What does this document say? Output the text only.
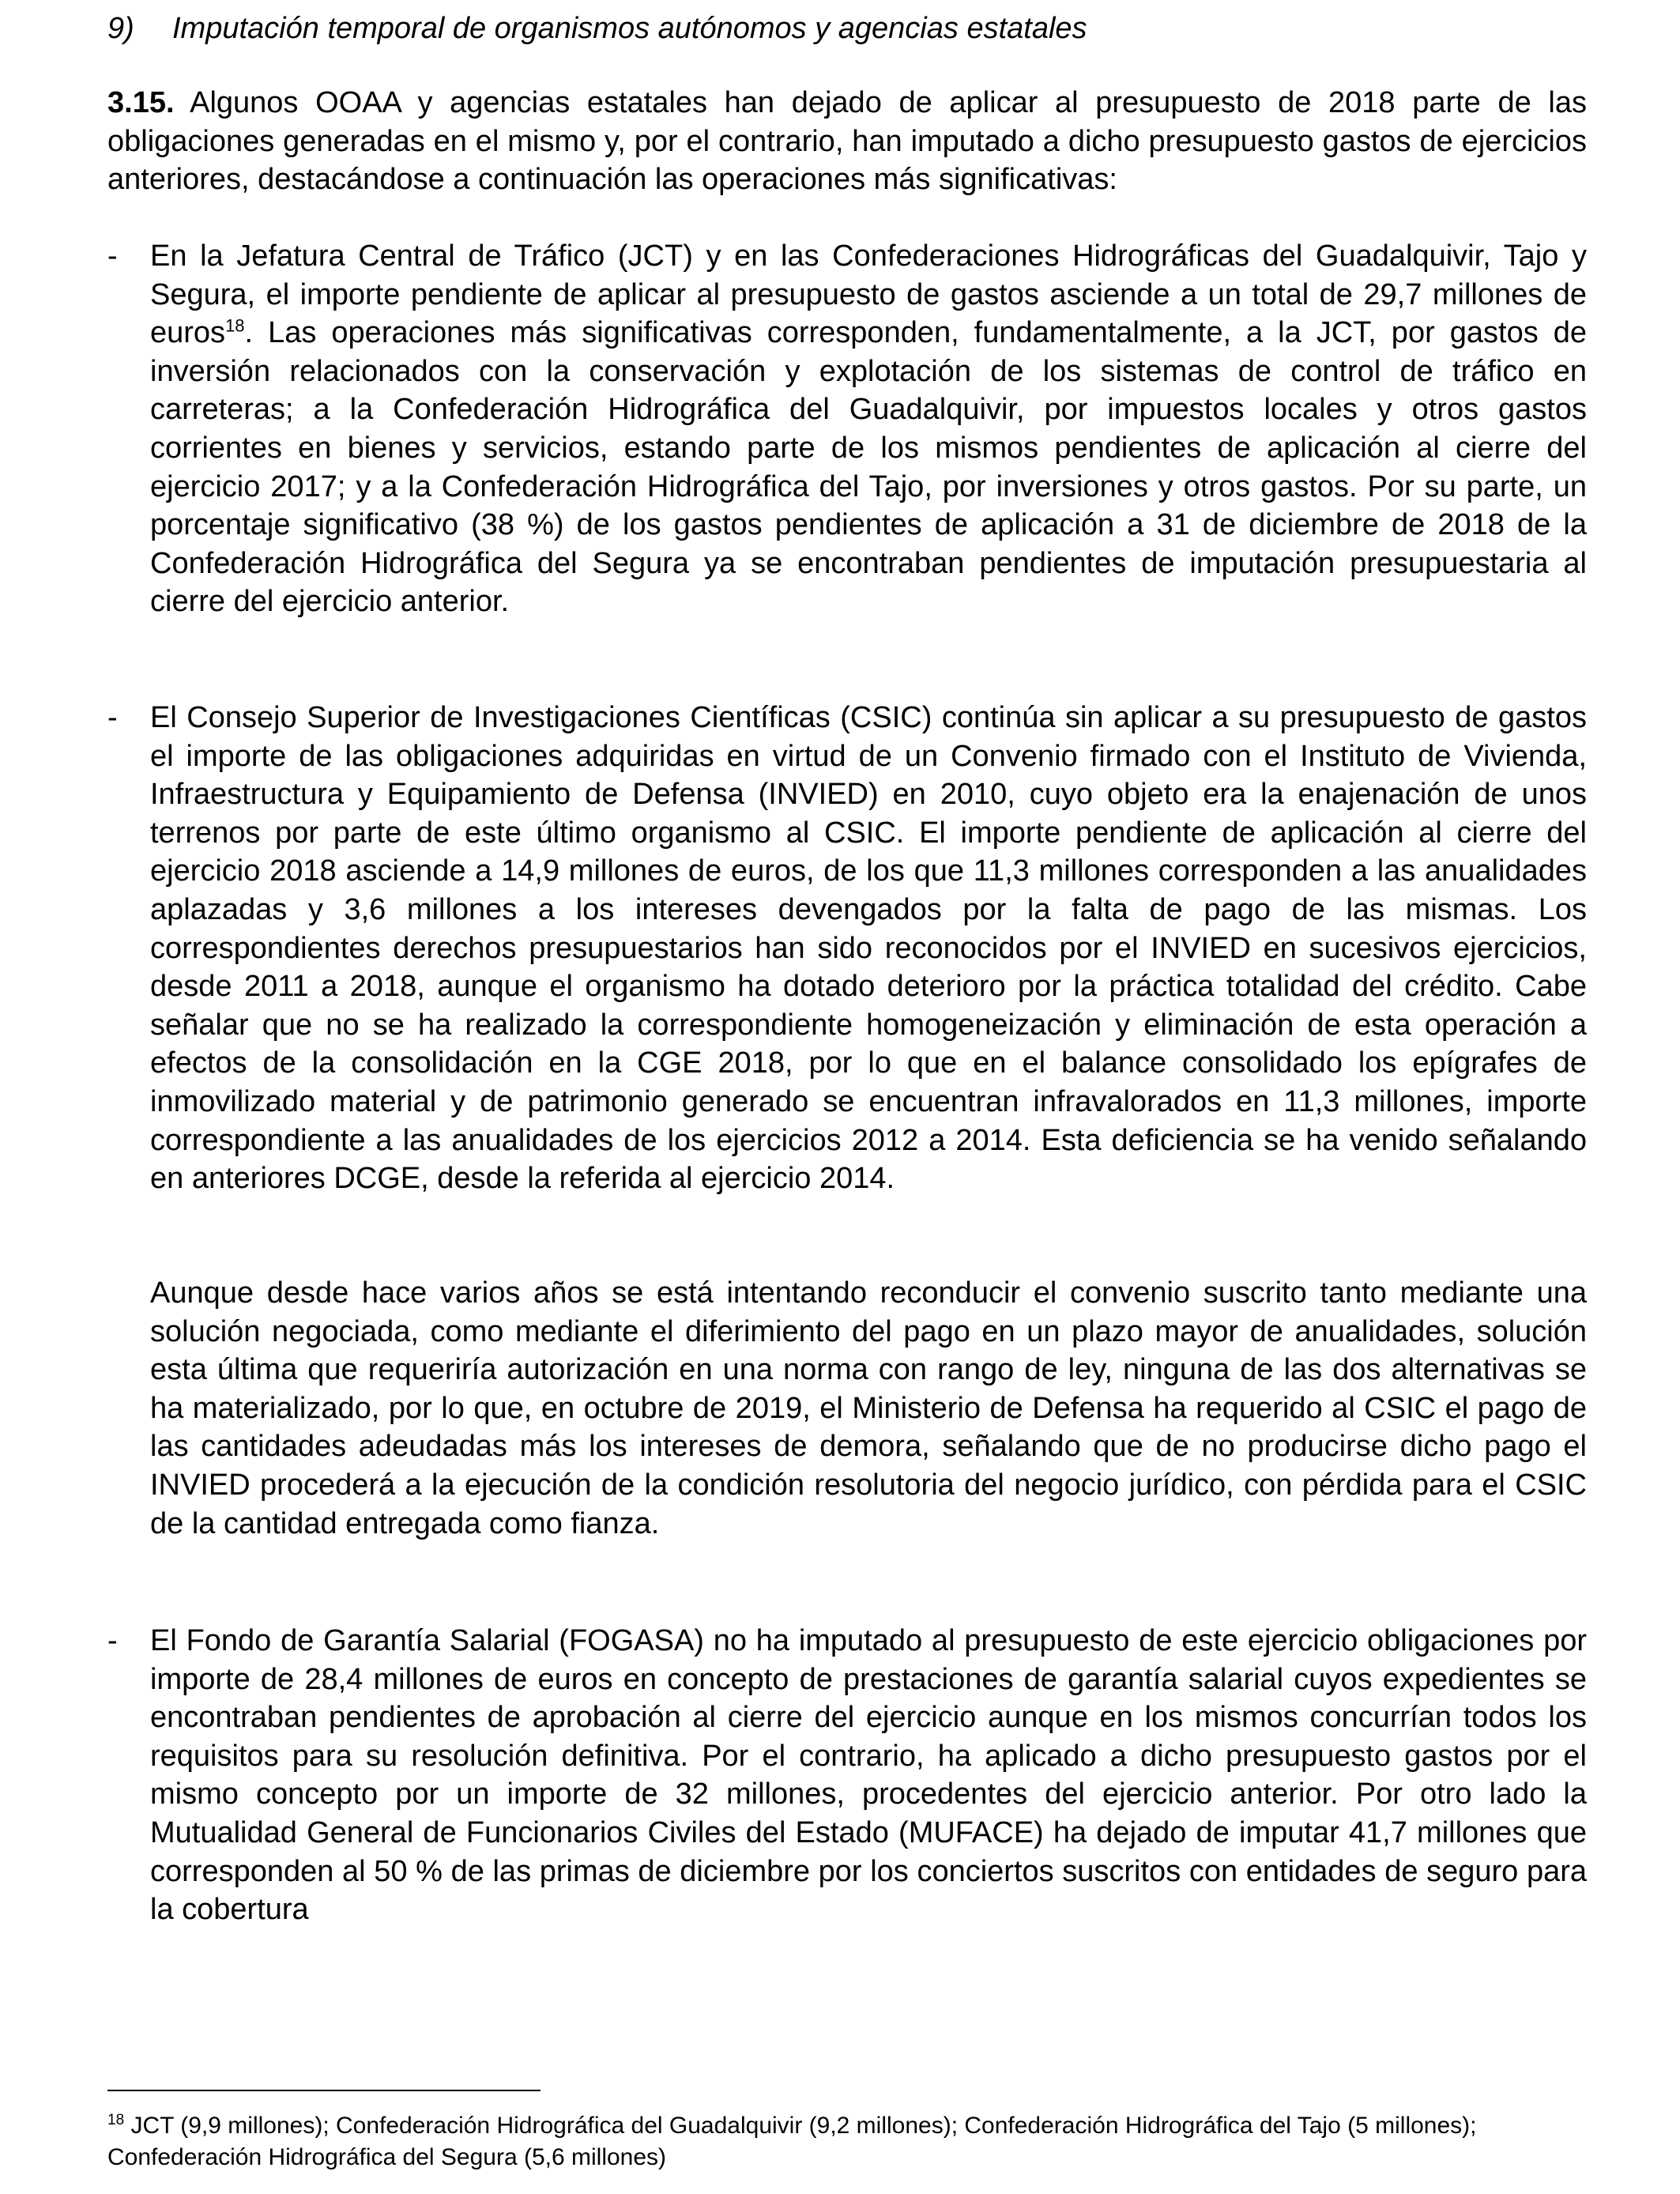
9) Imputación temporal de organismos autónomos y agencias estatales
3.15. Algunos OOAA y agencias estatales han dejado de aplicar al presupuesto de 2018 parte de las obligaciones generadas en el mismo y, por el contrario, han imputado a dicho presupuesto gastos de ejercicios anteriores, destacándose a continuación las operaciones más significativas:
- En la Jefatura Central de Tráfico (JCT) y en las Confederaciones Hidrográficas del Guadalquivir, Tajo y Segura, el importe pendiente de aplicar al presupuesto de gastos asciende a un total de 29,7 millones de euros$^{18}$. Las operaciones más significativas corresponden, fundamentalmente, a la JCT, por gastos de inversión relacionados con la conservación y explotación de los sistemas de control de tráfico en carreteras; a la Confederación Hidrográfica del Guadalquivir, por impuestos locales y otros gastos corrientes en bienes y servicios, estando parte de los mismos pendientes de aplicación al cierre del ejercicio 2017; y a la Confederación Hidrográfica del Tajo, por inversiones y otros gastos. Por su parte, un porcentaje significativo (38 %) de los gastos pendientes de aplicación a 31 de diciembre de 2018 de la Confederación Hidrográfica del Segura ya se encontraban pendientes de imputación presupuestaria al cierre del ejercicio anterior.
- El Consejo Superior de Investigaciones Científicas (CSIC) continúa sin aplicar a su presupuesto de gastos el importe de las obligaciones adquiridas en virtud de un Convenio firmado con el Instituto de Vivienda, Infraestructura y Equipamiento de Defensa (INVIED) en 2010, cuyo objeto era la enajenación de unos terrenos por parte de este último organismo al CSIC. El importe pendiente de aplicación al cierre del ejercicio 2018 asciende a 14,9 millones de euros, de los que 11,3 millones corresponden a las anualidades aplazadas y 3,6 millones a los intereses devengados por la falta de pago de las mismas. Los correspondientes derechos presupuestarios han sido reconocidos por el INVIED en sucesivos ejercicios, desde 2011 a 2018, aunque el organismo ha dotado deterioro por la práctica totalidad del crédito. Cabe señalar que no se ha realizado la correspondiente homogeneización y eliminación de esta operación a efectos de la consolidación en la CGE 2018, por lo que en el balance consolidado los epígrafes de inmovilizado material y de patrimonio generado se encuentran infravalorados en 11,3 millones, importe correspondiente a las anualidades de los ejercicios 2012 a 2014. Esta deficiencia se ha venido señalando en anteriores DCGE, desde la referida al ejercicio 2014.
Aunque desde hace varios años se está intentando reconducir el convenio suscrito tanto mediante una solución negociada, como mediante el diferimiento del pago en un plazo mayor de anualidades, solución esta última que requeriría autorización en una norma con rango de ley, ninguna de las dos alternativas se ha materializado, por lo que, en octubre de 2019, el Ministerio de Defensa ha requerido al CSIC el pago de las cantidades adeudadas más los intereses de demora, señalando que de no producirse dicho pago el INVIED procederá a la ejecución de la condición resolutoria del negocio jurídico, con pérdida para el CSIC de la cantidad entregada como fianza.
- El Fondo de Garantía Salarial (FOGASA) no ha imputado al presupuesto de este ejercicio obligaciones por importe de 28,4 millones de euros en concepto de prestaciones de garantía salarial cuyos expedientes se encontraban pendientes de aprobación al cierre del ejercicio aunque en los mismos concurrían todos los requisitos para su resolución definitiva. Por el contrario, ha aplicado a dicho presupuesto gastos por el mismo concepto por un importe de 32 millones, procedentes del ejercicio anterior. Por otro lado la Mutualidad General de Funcionarios Civiles del Estado (MUFACE) ha dejado de imputar 41,7 millones que corresponden al 50 % de las primas de diciembre por los conciertos suscritos con entidades de seguro para la cobertura
$^{18}$ JCT (9,9 millones); Confederación Hidrográfica del Guadalquivir (9,2 millones); Confederación Hidrográfica del Tajo (5 millones); Confederación Hidrográfica del Segura (5,6 millones)
